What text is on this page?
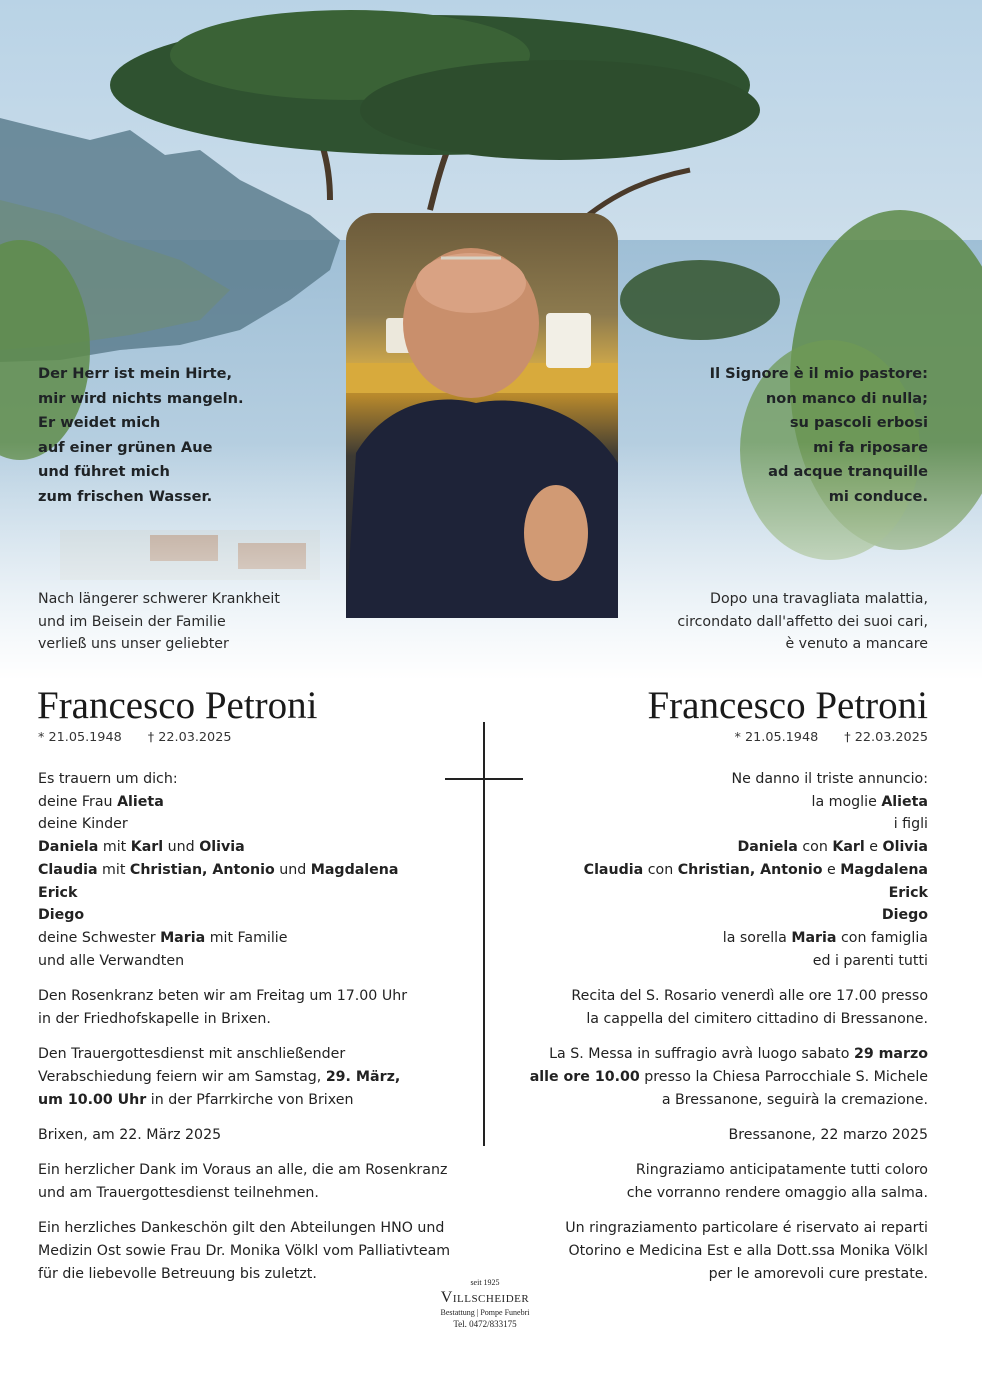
Der Herr ist mein Hirte,
mir wird nichts mangeln.
Er weidet mich
auf einer grünen Aue
und führet mich
zum frischen Wasser.
Il Signore è il mio pastore:
non manco di nulla;
su pascoli erbosi
mi fa riposare
ad acque tranquille
mi conduce.
Nach längerer schwerer Krankheit
und im Beisein der Familie
verließ uns unser geliebter
Dopo una travagliata malattia,
circondato dall'affetto dei suoi cari,
è venuto a mancare
Francesco Petroni	Francesco Petroni
* 21.05.1948 † 22.03.2025	* 21.05.1948 † 22.03.2025
Es trauern um dich:
deine Frau Alieta
deine Kinder
Daniela mit Karl und Olivia
Claudia mit Christian, Antonio und Magdalena
Erick
Diego
deine Schwester Maria mit Familie
und alle Verwandten
Den Rosenkranz beten wir am Freitag um 17.00 Uhr
in der Friedhofskapelle in Brixen.
Den Trauergottesdienst mit anschließender
Verabschiedung feiern wir am Samstag, 29. März,
um 10.00 Uhr in der Pfarrkirche von Brixen
Brixen, am 22. März 2025
Ein herzlicher Dank im Voraus an alle, die am Rosenkranz
und am Trauergottesdienst teilnehmen.
Ein herzliches Dankeschön gilt den Abteilungen HNO und
Medizin Ost sowie Frau Dr. Monika Völkl vom Palliativteam
für die liebevolle Betreuung bis zuletzt.
Ne danno il triste annuncio:
la moglie Alieta
i figli
Daniela con Karl e Olivia
Claudia con Christian, Antonio e Magdalena
Erick
Diego
la sorella Maria con famiglia
ed i parenti tutti
Recita del S. Rosario venerdì alle ore 17.00 presso
la cappella del cimitero cittadino di Bressanone.
La S. Messa in suffragio avrà luogo sabato 29 marzo
alle ore 10.00 presso la Chiesa Parrocchiale S. Michele
a Bressanone, seguirà la cremazione.
Bressanone, 22 marzo 2025
Ringraziamo anticipatamente tutti coloro
che vorranno rendere omaggio alla salma.
Un ringraziamento particolare é riservato ai reparti
Otorino e Medicina Est e alla Dott.ssa Monika Völkl
per le amorevoli cure prestate.
seit 1925
Villscheider
Bestattung | Pompe Funebri
Tel. 0472/833175
